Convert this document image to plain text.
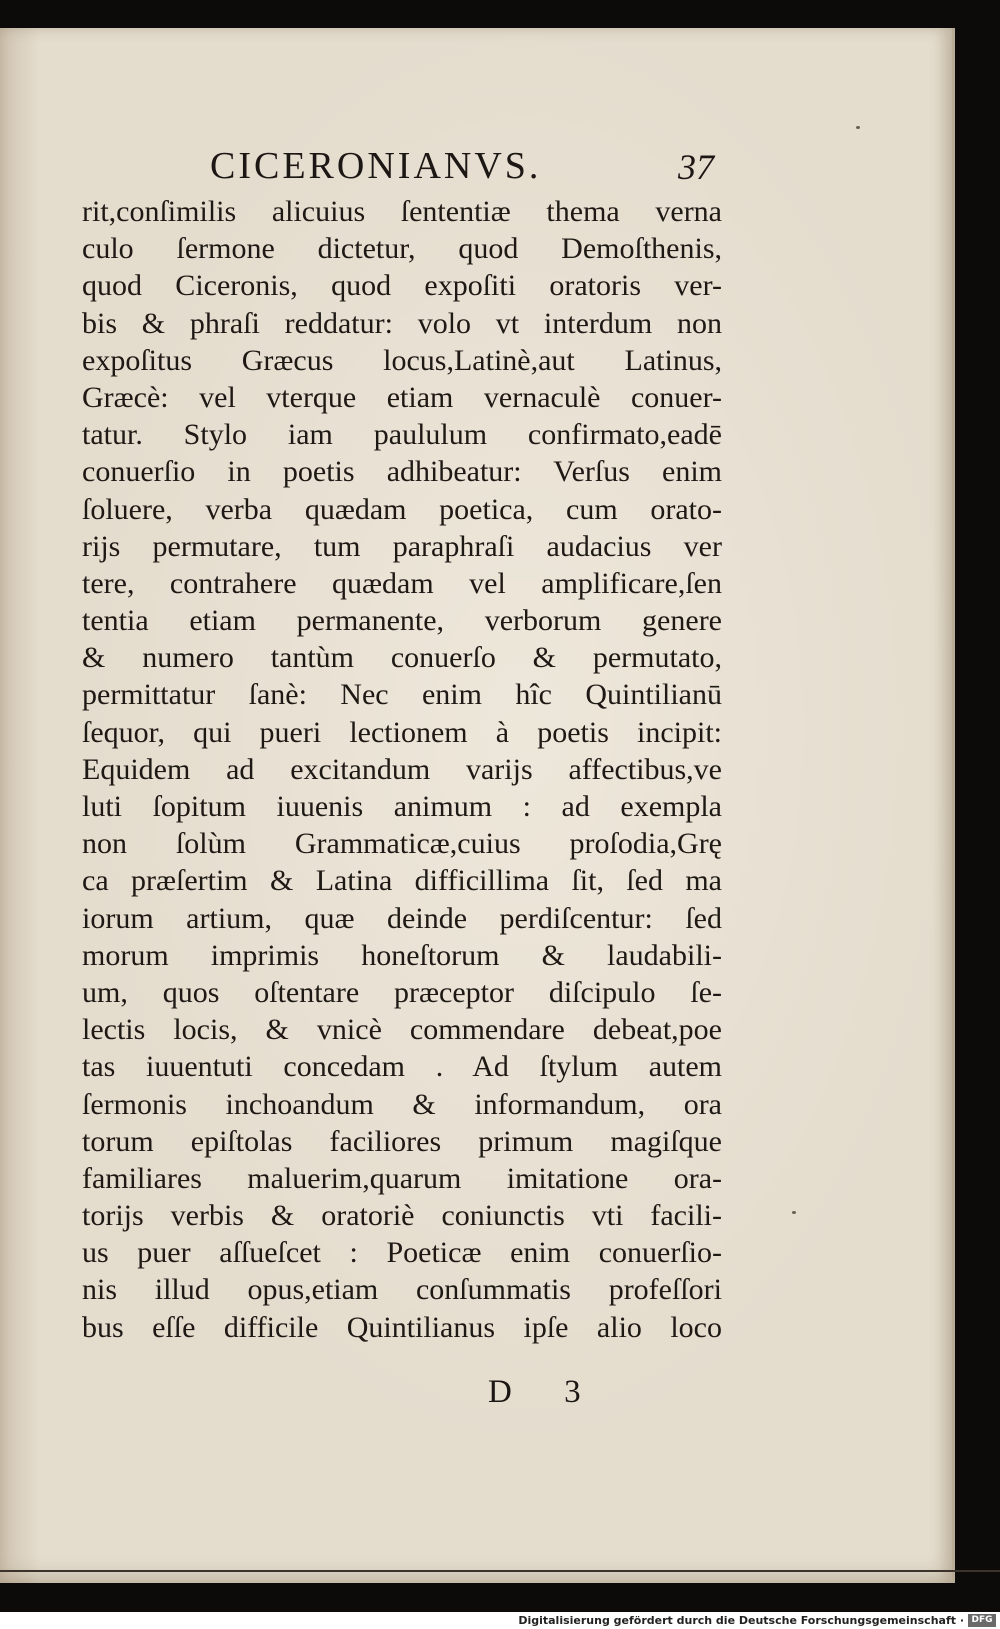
CICERONIANVS.	37
rit,conſimilis alicuius ſententiæ thema verna
culo ſermone dictetur, quod Demoſthenis,
quod Ciceronis, quod expoſiti oratoris ver-
bis & phraſi reddatur: volo vt interdum non
expoſitus Græcus locus,Latinè,aut Latinus,
Græcè: vel vterque etiam vernaculè conuer-
tatur. Stylo iam paululum confirmato,eadē
conuerſio in poetis adhibeatur: Verſus enim
ſoluere, verba quædam poetica, cum orato-
rijs permutare, tum paraphraſi audacius ver
tere, contrahere quædam vel amplificare,ſen
tentia etiam permanente, verborum genere
& numero tantùm conuerſo & permutato,
permittatur ſanè: Nec enim hîc Quintilianū
ſequor, qui pueri lectionem à poetis incipit:
Equidem ad excitandum varijs affectibus,ve
luti ſopitum iuuenis animum : ad exempla
non ſolùm Grammaticæ,cuius proſodia,Grę
ca præſertim & Latina difficillima ſit, ſed ma
iorum artium, quæ deinde perdiſcentur: ſed
morum imprimis honeſtorum & laudabili-
um, quos oſtentare præceptor diſcipulo ſe-
lectis locis, & vnicè commendare debeat,poe
tas iuuentuti concedam . Ad ſtylum autem
ſermonis inchoandum & informandum, ora
torum epiſtolas faciliores primum magiſque
familiares maluerim,quarum imitatione ora-
torijs verbis & oratoriè coniunctis vti facili-
us puer aſſueſcet : Poeticæ enim conuerſio-
nis illud opus,etiam conſummatis profeſſori
bus eſſe difficile Quintilianus ipſe alio loco
D 3
Digitalisierung gefördert durch die Deutsche Forschungsgemeinschaft · DFG
